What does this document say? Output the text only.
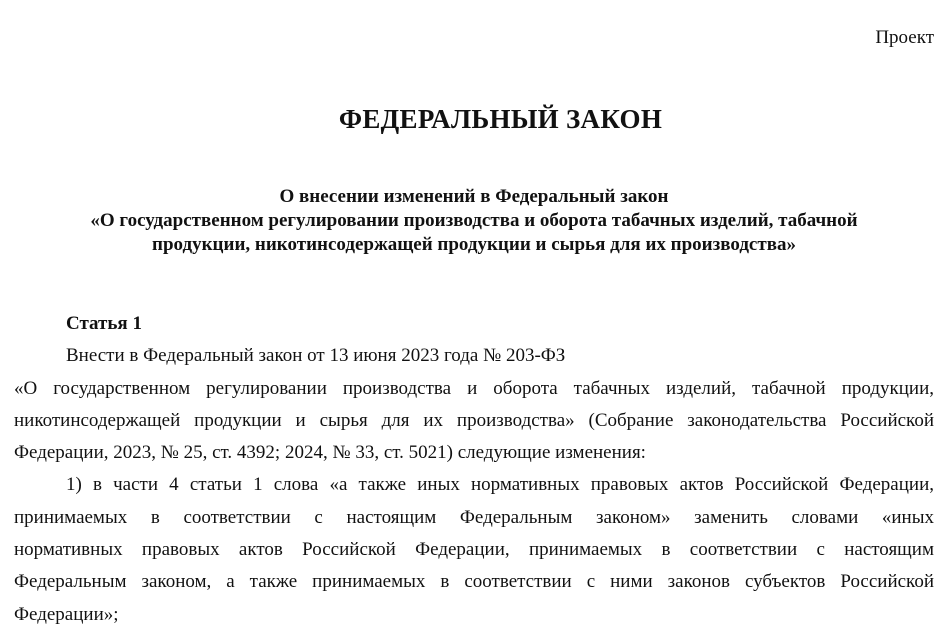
Проект
ФЕДЕРАЛЬНЫЙ ЗАКОН
О внесении изменений в Федеральный закон
«О государственном регулировании производства и оборота табачных изделий, табачной
продукции, никотинсодержащей продукции и сырья для их производства»

Статья 1

Внести в Федеральный закон от 13 июня 2023 года № 203-ФЗ

«О государственном регулировании производства и оборота табачных изделий, табачной продукции,

никотинсодержащей продукции и сырья для их производства» (Собрание законодательства Российской

Федерации, 2023, № 25, ст. 4392; 2024, № 33, ст. 5021) следующие изменения:

1) в части 4 статьи 1 слова «а также иных нормативных правовых актов Российской Федерации,

принимаемых в соответствии с настоящим Федеральным законом» заменить словами «иных

нормативных правовых актов Российской Федерации, принимаемых в соответствии с настоящим

Федеральным законом, а также принимаемых в соответствии с ними законов субъектов Российской

Федерации»;
